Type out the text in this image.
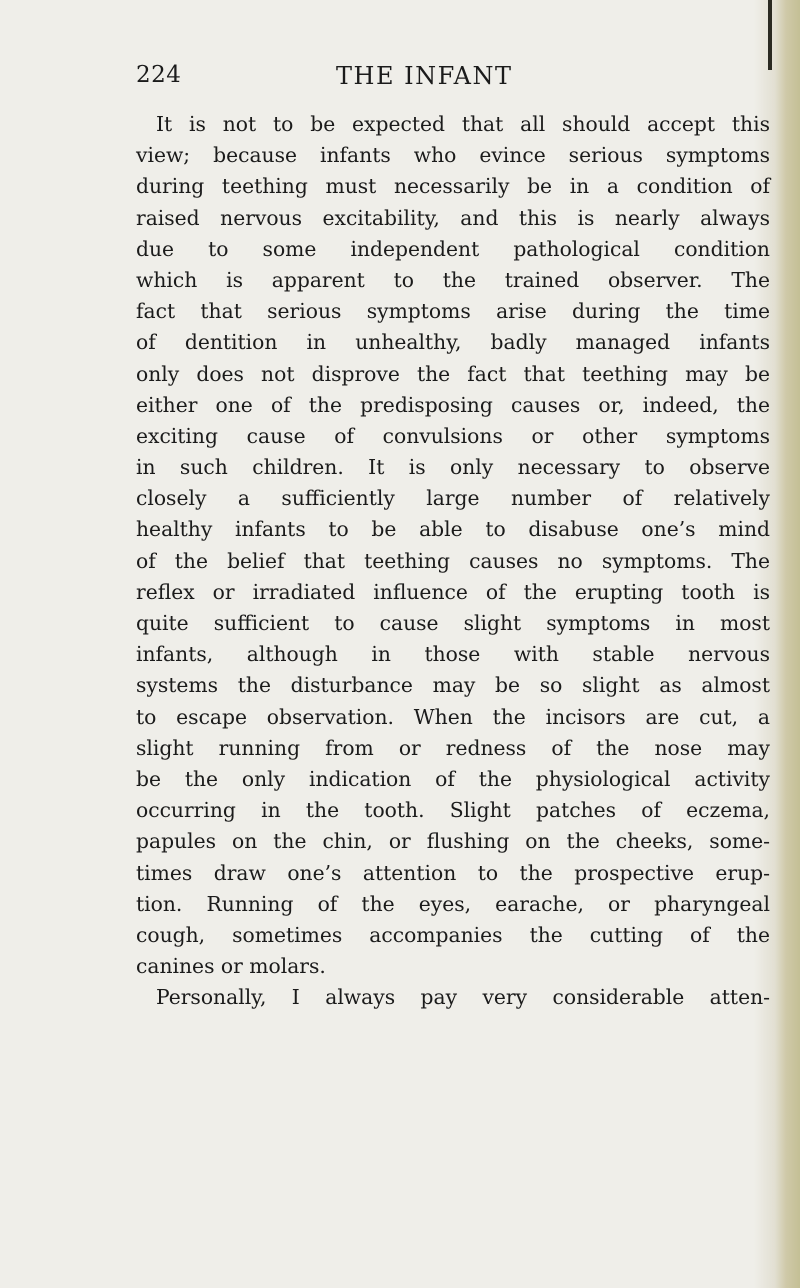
224	THE INFANT
It is not to be expected that all should accept this
view; because infants who evince serious symptoms
during teething must necessarily be in a condition of
raised nervous excitability, and this is nearly always
due to some independent pathological condition
which is apparent to the trained observer. The
fact that serious symptoms arise during the time
of dentition in unhealthy, badly managed infants
only does not disprove the fact that teething may be
either one of the predisposing causes or, indeed, the
exciting cause of convulsions or other symptoms
in such children. It is only necessary to observe
closely a sufficiently large number of relatively
healthy infants to be able to disabuse one’s mind
of the belief that teething causes no symptoms. The
reflex or irradiated influence of the erupting tooth is
quite sufficient to cause slight symptoms in most
infants, although in those with stable nervous
systems the disturbance may be so slight as almost
to escape observation. When the incisors are cut, a
slight running from or redness of the nose may
be the only indication of the physiological activity
occurring in the tooth. Slight patches of eczema,
papules on the chin, or flushing on the cheeks, some-
times draw one’s attention to the prospective erup-
tion. Running of the eyes, earache, or pharyngeal
cough, sometimes accompanies the cutting of the
canines or molars.
Personally, I always pay very considerable atten-
